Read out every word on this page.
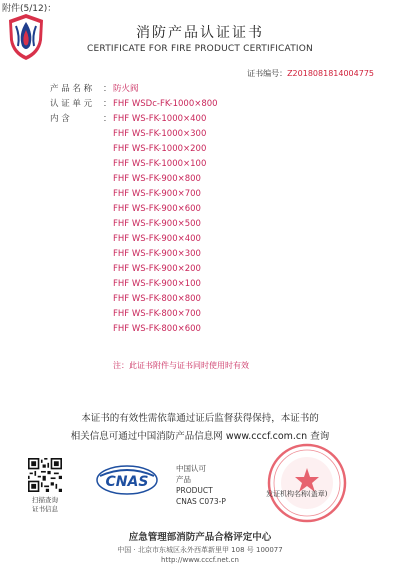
附件(5/12)：
消防产品认证证书
CERTIFICATE FOR FIRE PRODUCT CERTIFICATION
证书编号：Z2018081814004775
产 品 名 称 ： 防火阀
认 证 单 元 ： FHF WSDc-FK-1000×800
内 含	： FHF WS-FK-1000×400
FHF WS-FK-1000×300
FHF WS-FK-1000×200
FHF WS-FK-1000×100
FHF WS-FK-900×800
FHF WS-FK-900×700
FHF WS-FK-900×600
FHF WS-FK-900×500
FHF WS-FK-900×400
FHF WS-FK-900×300
FHF WS-FK-900×200
FHF WS-FK-900×100
FHF WS-FK-800×800
FHF WS-FK-800×700
FHF WS-FK-800×600
注：此证书附件与证书同时使用时有效
本证书的有效性需依靠通过证后监督获得保持，本证书的
相关信息可通过中国消防产品信息网 www.cccf.com.cn 查询
扫描查询
证书信息
CNAS
中国认可
产品
PRODUCT
CNAS C073-P
发证机构名称(盖章)
应急管理部消防产品合格评定中心
中国 · 北京市东城区永外西革新里甲 108 号 100077
http://www.cccf.net.cn
